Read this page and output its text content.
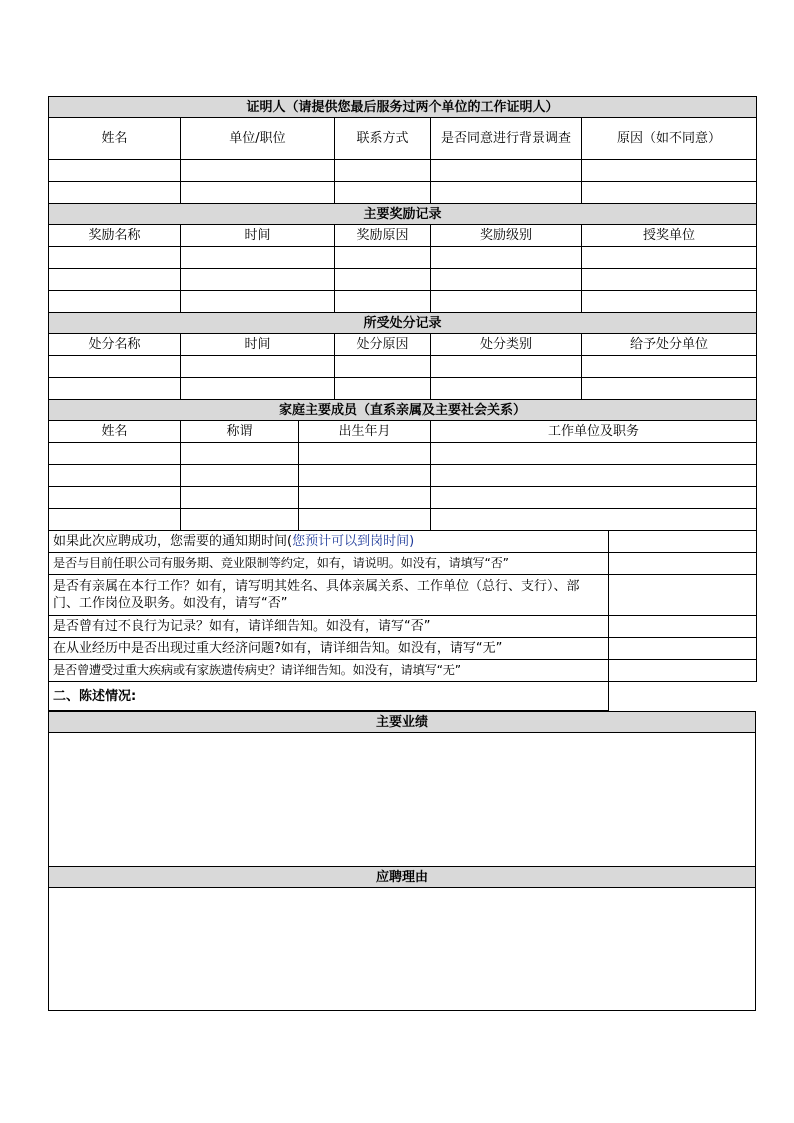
证明人（请提供您最后服务过两个单位的工作证明人）				
姓名	单位/职位	联系方式	是否同意进行背景调查	原因（如不同意）

主要奖励记录				
奖励名称	时间	奖励原因	奖励级别	授奖单位

所受处分记录				
处分名称	时间	处分原因	处分类别	给予处分单位

家庭主要成员（直系亲属及主要社会关系）			
姓名	称谓	出生年月	工作单位及职务

如果此次应聘成功，您需要的通知期时间(您预计可以到岗时间)	
是否与目前任职公司有服务期、竞业限制等约定，如有，请说明。如没有，请填写“否”	
是否有亲属在本行工作？如有，请写明其姓名、具体亲属关系、工作单位（总行、支行）、部门、工作岗位及职务。如没有，请写“否”	
是否曾有过不良行为记录？如有，请详细告知。如没有，请写“否”	
在从业经历中是否出现过重大经济问题?如有，请详细告知。如没有，请写“无”	
是否曾遭受过重大疾病或有家族遗传病史？请详细告知。如没有，请填写“无”	
二、陈述情况:	
主要业绩

应聘理由
